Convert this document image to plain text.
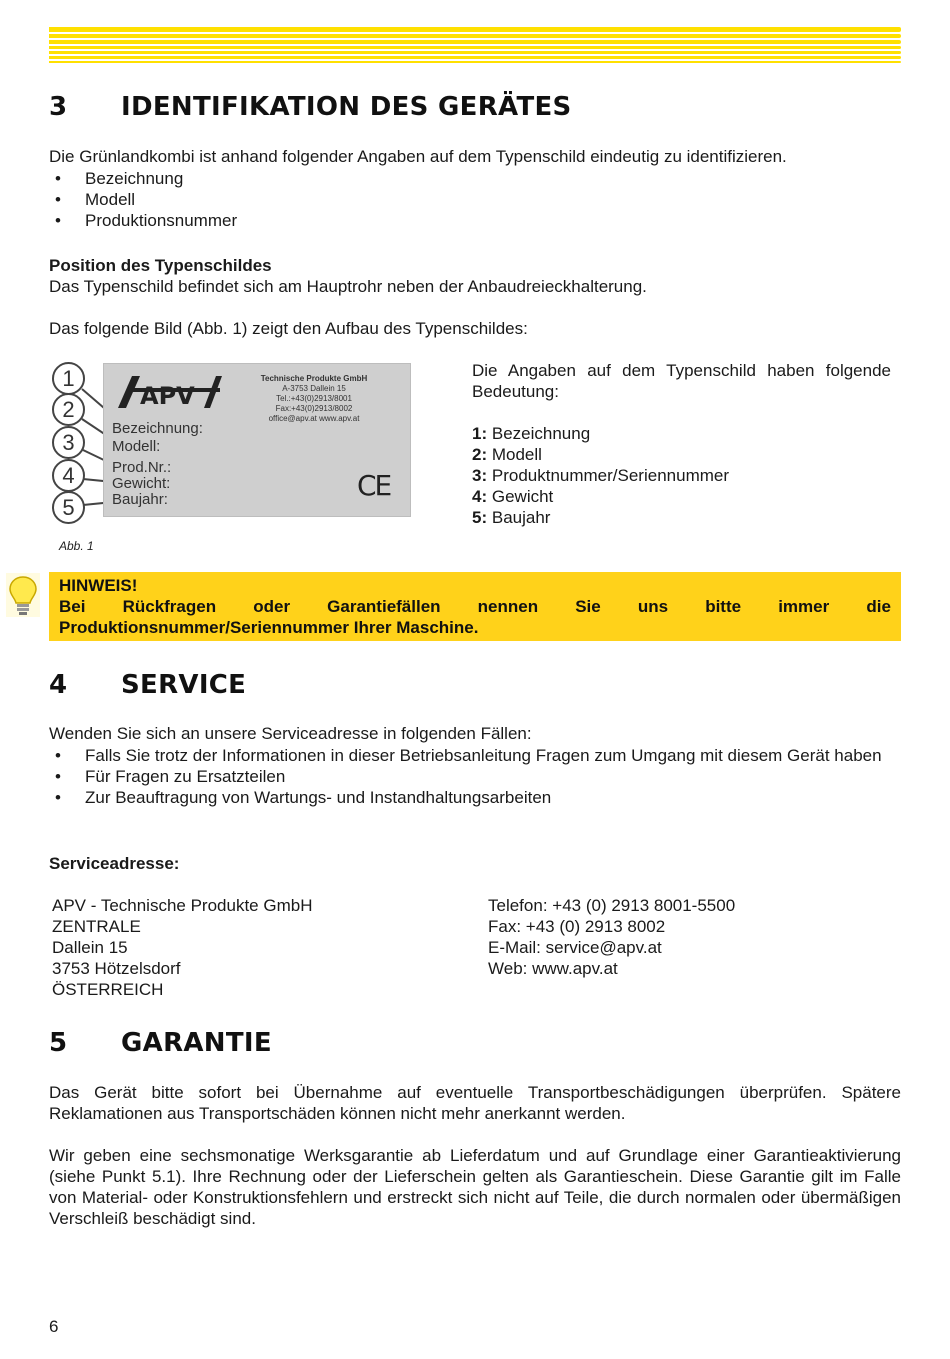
3 IDENTIFIKATION DES GERÄTES
Die Grünlandkombi ist anhand folgender Angaben auf dem Typenschild eindeutig zu identifizieren.
• Bezeichnung
• Modell
• Produktionsnummer
Position des Typenschildes
Das Typenschild befindet sich am Hauptrohr neben der Anbaudreieckhalterung.
Das folgende Bild (Abb. 1) zeigt den Aufbau des Typenschildes:
1
2
3
4
5
APV
Technische Produkte GmbH
A-3753 Dallein 15
Tel.:+43(0)2913/8001 Fax:+43(0)2913/8002
office@apv.at www.apv.at
Bezeichnung:
Modell:
Prod.Nr.:
Gewicht:
Baujahr:	CE
Abb. 1
Die Angaben auf dem Typenschild haben folgende Bedeutung:
1: Bezeichnung
2: Modell
3: Produktnummer/Seriennummer
4: Gewicht
5: Baujahr
HINWEIS!
Bei Rückfragen oder Garantiefällen nennen Sie uns bitte immer die
Produktionsnummer/Seriennummer Ihrer Maschine.
4 SERVICE
Wenden Sie sich an unsere Serviceadresse in folgenden Fällen:
• Falls Sie trotz der Informationen in dieser Betriebsanleitung Fragen zum Umgang mit diesem Gerät haben
• Für Fragen zu Ersatzteilen
• Zur Beauftragung von Wartungs- und Instandhaltungsarbeiten
Serviceadresse:
APV - Technische Produkte GmbH
ZENTRALE
Dallein 15
3753 Hötzelsdorf
ÖSTERREICH
Telefon: +43 (0) 2913 8001-5500
Fax: +43 (0) 2913 8002
E-Mail: service@apv.at
Web: www.apv.at
5 GARANTIE
Das Gerät bitte sofort bei Übernahme auf eventuelle Transportbeschädigungen überprüfen. Spätere Reklamationen aus Transportschäden können nicht mehr anerkannt werden.
Wir geben eine sechsmonatige Werksgarantie ab Lieferdatum und auf Grundlage einer Garantieaktivierung (siehe Punkt 5.1). Ihre Rechnung oder der Lieferschein gelten als Garantieschein. Diese Garantie gilt im Falle von Material- oder Konstruktionsfehlern und erstreckt sich nicht auf Teile, die durch normalen oder übermäßigen Verschleiß beschädigt sind.
6
